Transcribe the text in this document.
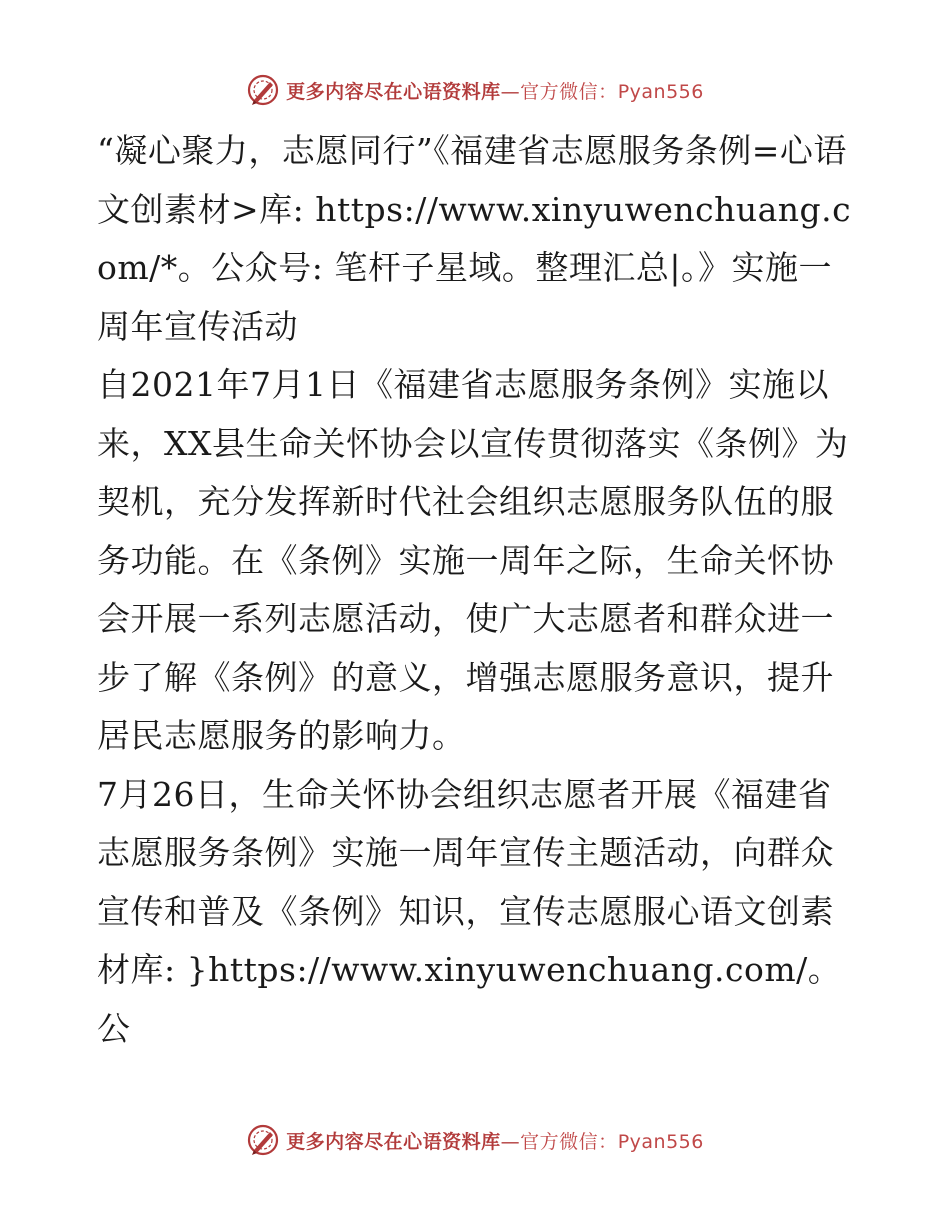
更多内容尽在心语资料库—官方微信：Pyan556

“凝心聚力，志愿同行”《福建省志愿服务条例=心语文创素材>库: https://www.xinyuwenchuang.com/*。公众号: 笔杆子星域。整理汇总|。》实施一周年宣传活动

自2021年7月1日《福建省志愿服务条例》实施以来，XX县生命关怀协会以宣传贯彻落实《条例》为契机，充分发挥新时代社会组织志愿服务队伍的服务功能。在《条例》实施一周年之际，生命关怀协会开展一系列志愿活动，使广大志愿者和群众进一步了解《条例》的意义，增强志愿服务意识，提升居民志愿服务的影响力。

7月26日，生命关怀协会组织志愿者开展《福建省志愿服务条例》实施一周年宣传主题活动，向群众宣传和普及《条例》知识，宣传志愿服心语文创素材库: }https://www.xinyuwenchuang.com/。公

更多内容尽在心语资料库—官方微信：Pyan556
